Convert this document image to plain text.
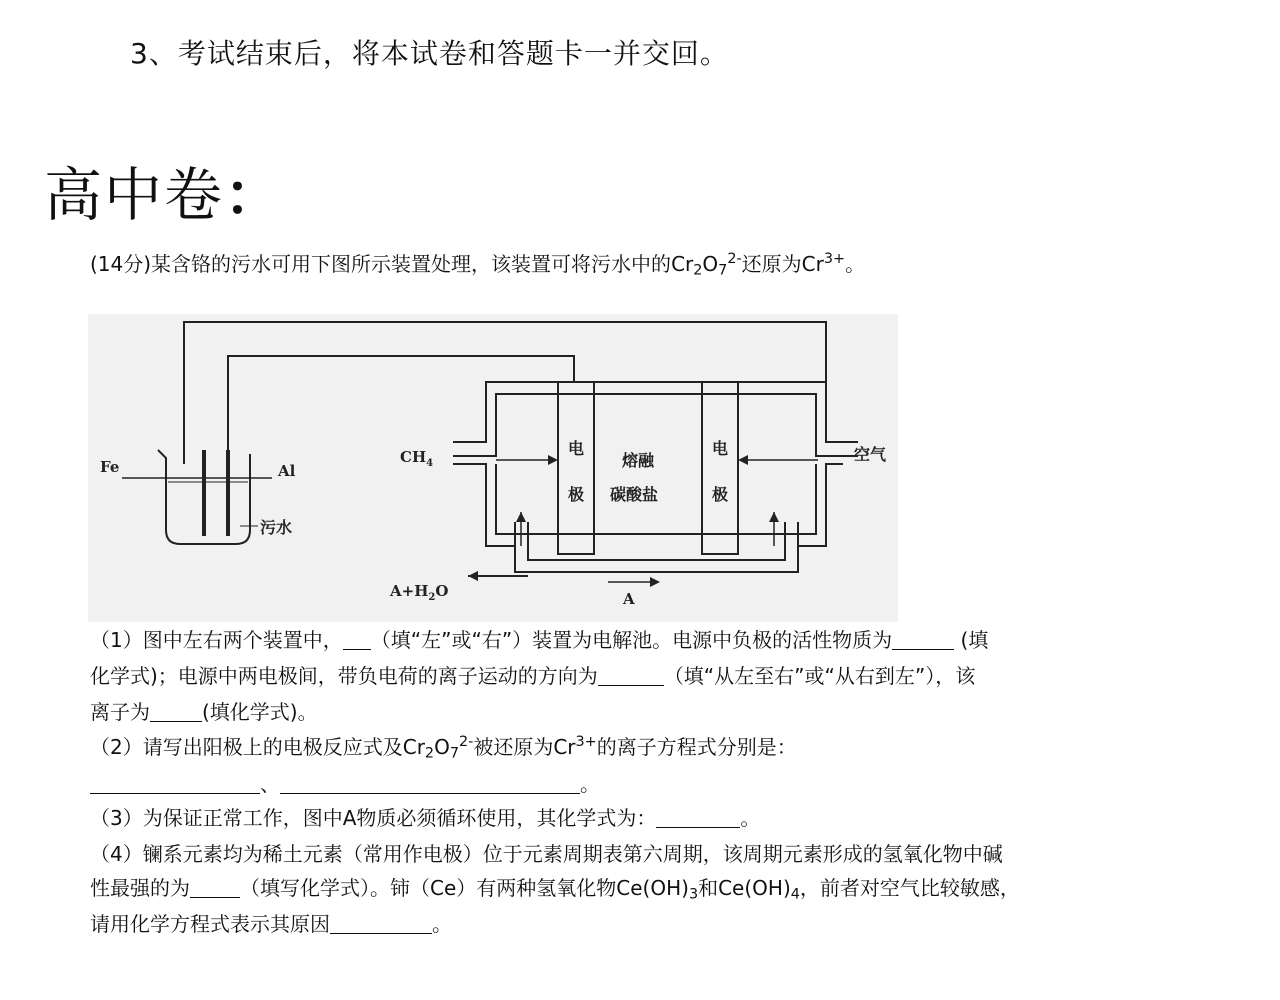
3、考试结束后，将本试卷和答题卡一并交回。
高中卷：
(14分)某含铬的污水可用下图所示装置处理，该装置可将污水中的$Cr_2O_7^{2-}$还原为$Cr^{3+}$。
Fe	Al
污水
$CH_4$	空气
电
极
电
极
熔融
碳酸盐
$A+H_2O$	A
（1）图中左右两个装置中， （填“左”或“右”）装置为电解池。电源中负极的活性物质为	(填
化学式)；电源中两电极间，带负电荷的离子运动的方向为	（填“从左至右”或“从右到左”），该
离子为	(填化学式)。
（2）请写出阳极上的电极反应式及$Cr_2O_7^{2-}$被还原为$Cr^{3+}$的离子方程式分别是：
、	。
（3）为保证正常工作，图中A物质必须循环使用，其化学式为：	。
（4）镧系元素均为稀土元素（常用作电极）位于元素周期表第六周期，该周期元素形成的氢氧化物中碱
性最强的为	（填写化学式）。铈（Ce）有两种氢氧化物$Ce(OH)_3$和$Ce(OH)_4$，前者对空气比较敏感，
请用化学方程式表示其原因	。
